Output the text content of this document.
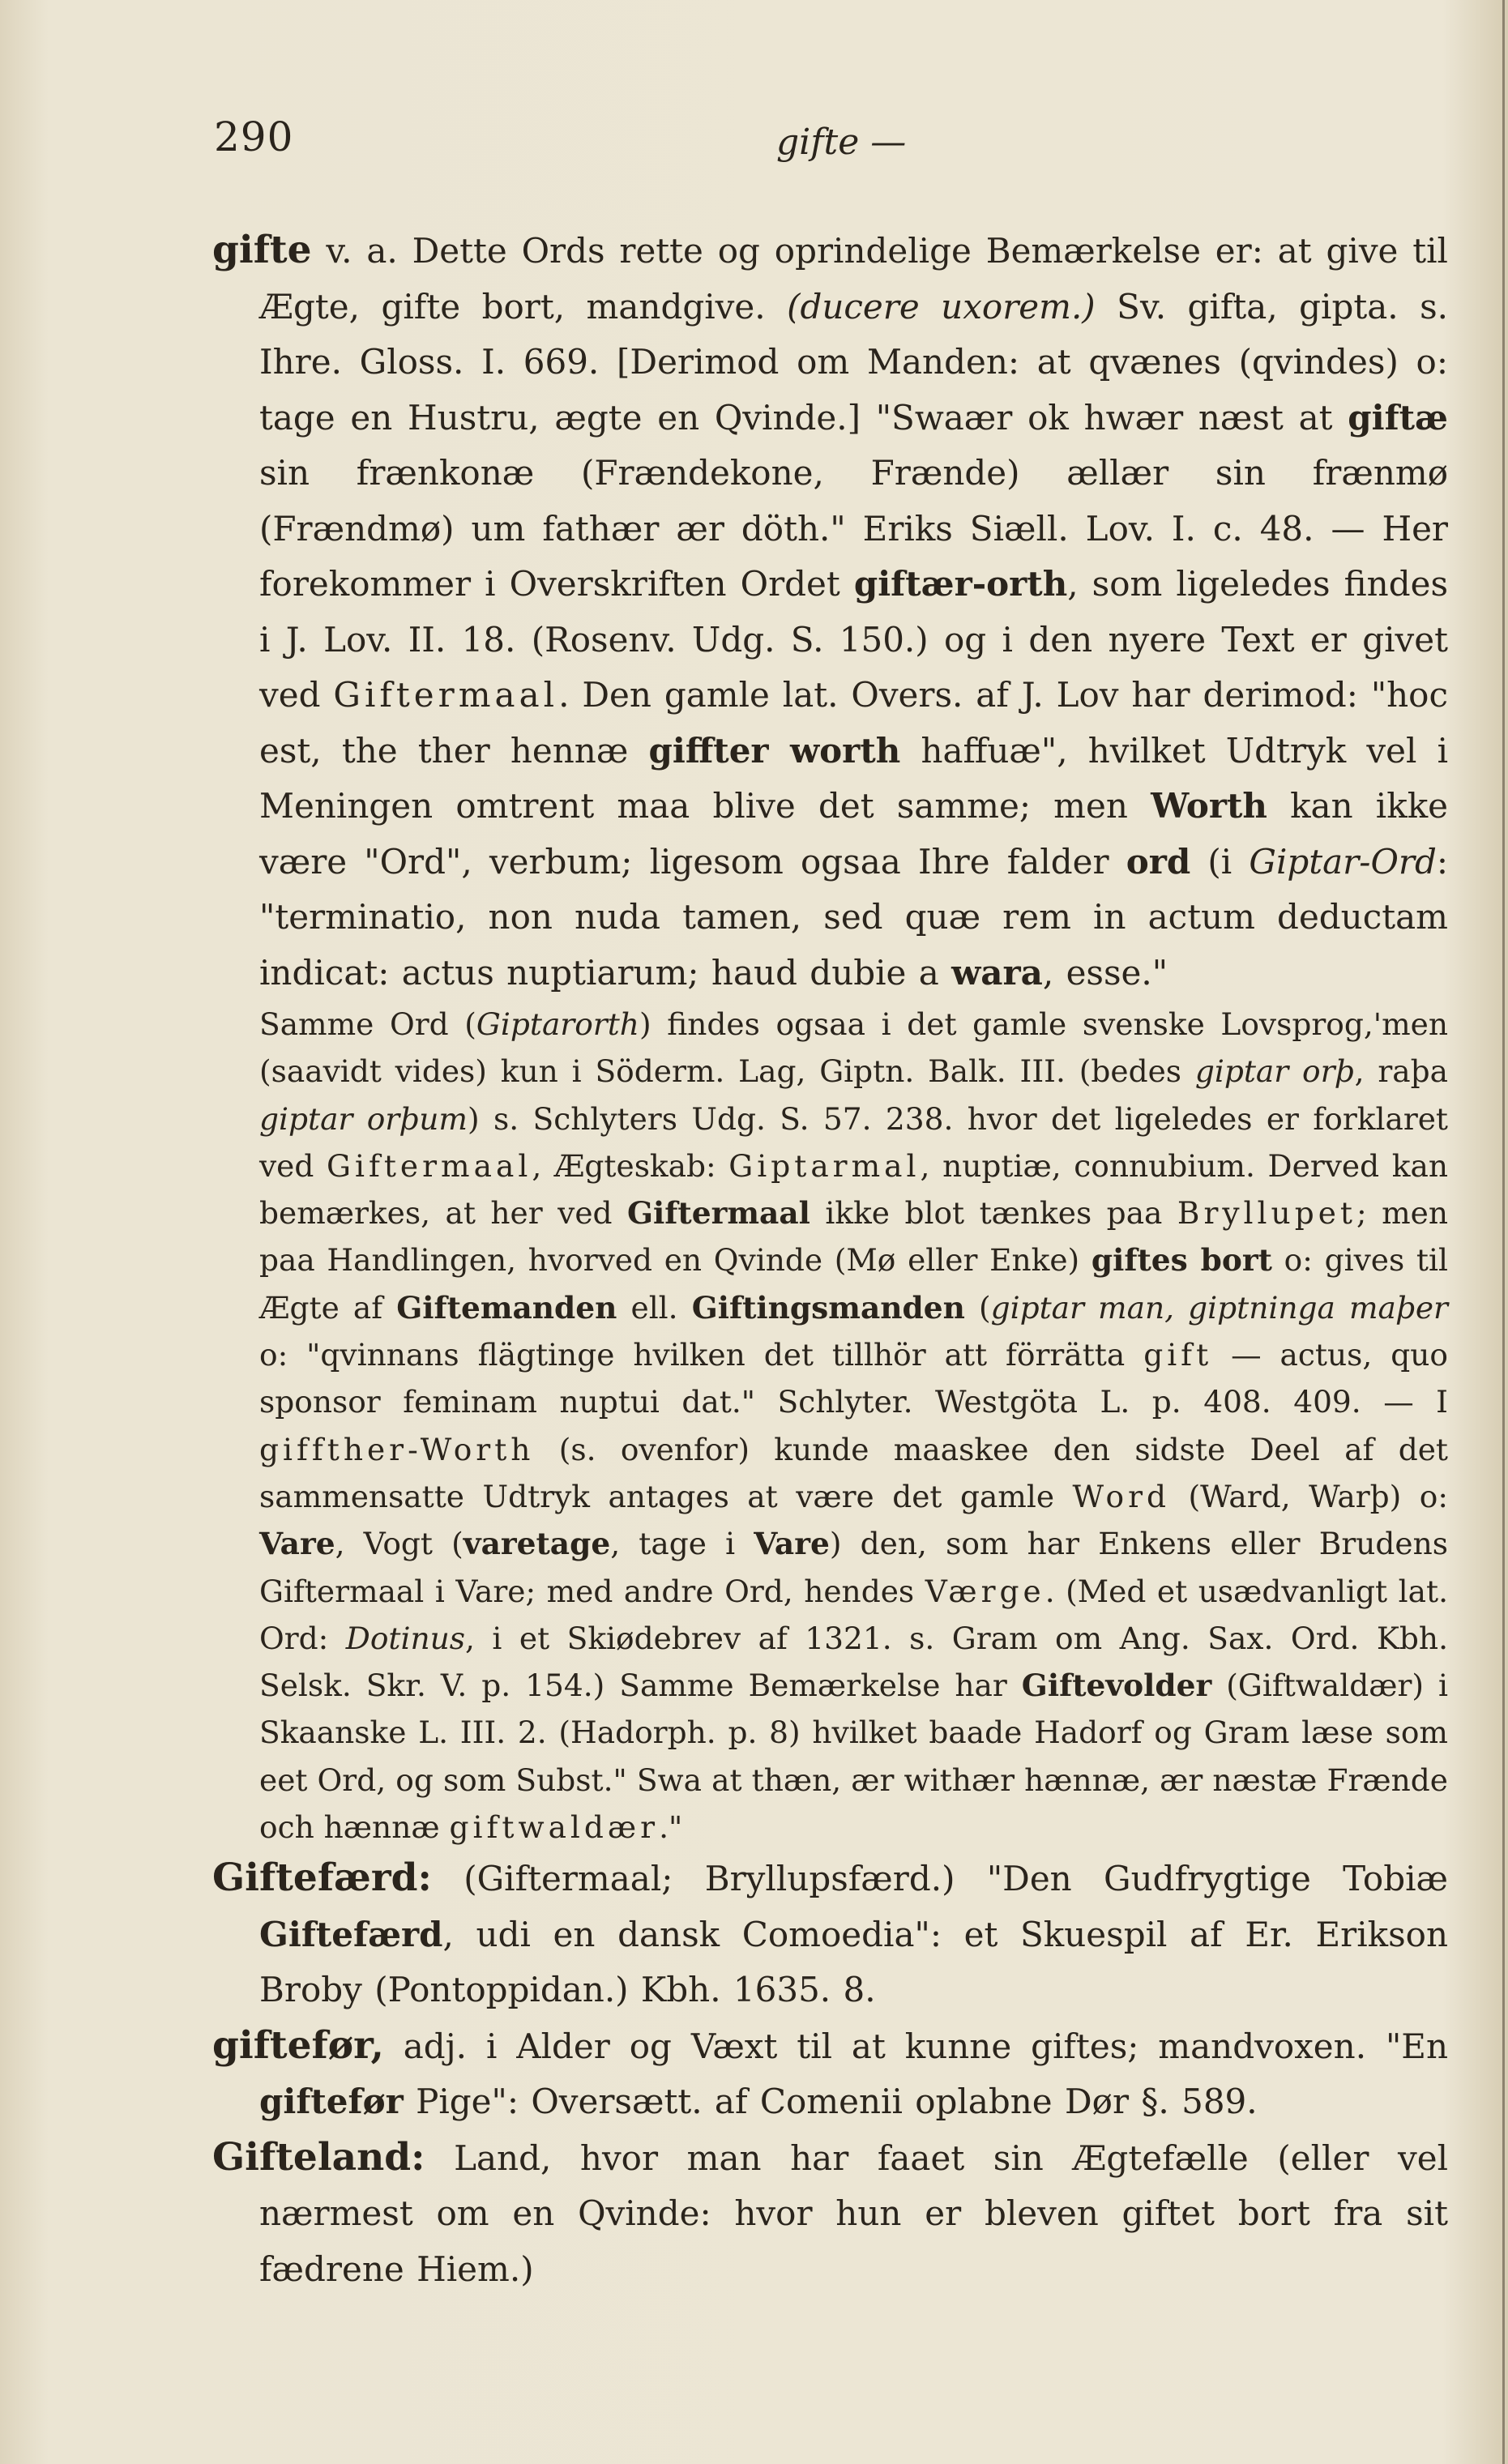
290	gifte —

gifte v. a. Dette Ords rette og oprindelige Bemærkelse er: at give til Ægte, gifte bort, mandgive. (ducere uxorem.) Sv. gifta, gipta. s. Ihre. Gloss. I. 669. [Derimod om Manden: at qvænes (qvindes) o: tage en Hustru, ægte en Qvinde.] "Swaær ok hwær næst at giftæ sin frænkonæ (Frændekone, Frænde) ællær sin frænmø (Frændmø) um fathær ær döth." Eriks Siæll. Lov. I. c. 48. — Her forekommer i Overskriften Ordet giftær-orth, som ligeledes findes i J. Lov. II. 18. (Rosenv. Udg. S. 150.) og i den nyere Text er givet ved Giftermaal. Den gamle lat. Overs. af J. Lov har derimod: "hoc est, the ther hennæ giffter worth haffuæ", hvilket Udtryk vel i Meningen omtrent maa blive det samme; men Worth kan ikke være "Ord", verbum; ligesom ogsaa Ihre falder ord (i Giptar-Ord: "terminatio, non nuda tamen, sed quæ rem in actum deductam indicat: actus nuptiarum; haud dubie a wara, esse."

Samme Ord (Giptarorth) findes ogsaa i det gamle svenske Lovsprog,'men (saavidt vides) kun i Söderm. Lag, Giptn. Balk. III. (bedes giptar orþ, raþa giptar orþum) s. Schlyters Udg. S. 57. 238. hvor det ligeledes er forklaret ved Giftermaal, Ægteskab: Giptarmal, nuptiæ, connubium. Derved kan bemærkes, at her ved Giftermaal ikke blot tænkes paa Bryllupet; men paa Handlingen, hvorved en Qvinde (Mø eller Enke) giftes bort o: gives til Ægte af Giftemanden ell. Giftingsmanden (giptar man, giptninga maþer o: "qvinnans flägtinge hvilken det tillhör att förrätta gift — actus, quo sponsor feminam nuptui dat." Schlyter. Westgöta L. p. 408. 409. — I giffther-Worth (s. ovenfor) kunde maaskee den sidste Deel af det sammensatte Udtryk antages at være det gamle Word (Ward, Warþ) o: Vare, Vogt (varetage, tage i Vare) den, som har Enkens eller Brudens Giftermaal i Vare; med andre Ord, hendes Værge. (Med et usædvanligt lat. Ord: Dotinus, i et Skiødebrev af 1321. s. Gram om Ang. Sax. Ord. Kbh. Selsk. Skr. V. p. 154.) Samme Bemærkelse har Giftevolder (Giftwaldær) i Skaanske L. III. 2. (Hadorph. p. 8) hvilket baade Hadorf og Gram læse som eet Ord, og som Subst." Swa at thæn, ær withær hænnæ, ær næstæ Frænde och hænnæ giftwaldær."

Giftefærd: (Giftermaal; Bryllupsfærd.) "Den Gudfrygtige Tobiæ Giftefærd, udi en dansk Comoedia": et Skuespil af Er. Erikson Broby (Pontoppidan.) Kbh. 1635. 8.

giftefør, adj. i Alder og Væxt til at kunne giftes; mandvoxen. "En giftefør Pige": Oversætt. af Comenii oplabne Dør §. 589.

Gifteland: Land, hvor man har faaet sin Ægtefælle (eller vel nærmest om en Qvinde: hvor hun er bleven giftet bort fra sit fædrene Hiem.)
